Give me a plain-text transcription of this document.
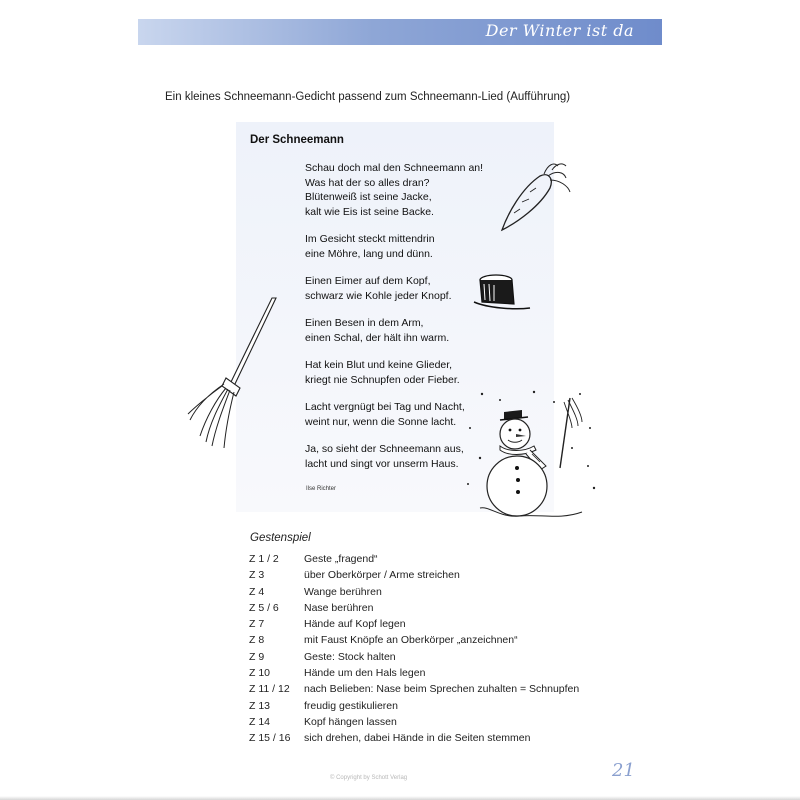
Der Winter ist da
Ein kleines Schneemann-Gedicht passend zum Schneemann-Lied (Aufführung)
Der Schneemann
Schau doch mal den Schneemann an!
Was hat der so alles dran?
Blütenweiß ist seine Jacke,
kalt wie Eis ist seine Backe.
Im Gesicht steckt mittendrin
eine Möhre, lang und dünn.
Einen Eimer auf dem Kopf,
schwarz wie Kohle jeder Knopf.
Einen Besen in dem Arm,
einen Schal, der hält ihn warm.
Hat kein Blut und keine Glieder,
kriegt nie Schnupfen oder Fieber.
Lacht vergnügt bei Tag und Nacht,
weint nur, wenn die Sonne lacht.
Ja, so sieht der Schneemann aus,
lacht und singt vor unserm Haus.
Ilse Richter
Gestenspiel
Z 1 / 2 Geste „fragend“
Z 3	über Oberkörper / Arme streichen
Z 4	Wange berühren
Z 5 / 6 Nase berühren
Z 7	Hände auf Kopf legen
Z 8	mit Faust Knöpfe an Oberkörper „anzeichnen“
Z 9	Geste: Stock halten
Z 10	Hände um den Hals legen
Z 11 / 12 nach Belieben: Nase beim Sprechen zuhalten = Schnupfen
Z 13	freudig gestikulieren
Z 14	Kopf hängen lassen
Z 15 / 16 sich drehen, dabei Hände in die Seiten stemmen
© Copyright by Schott Verlag	21
